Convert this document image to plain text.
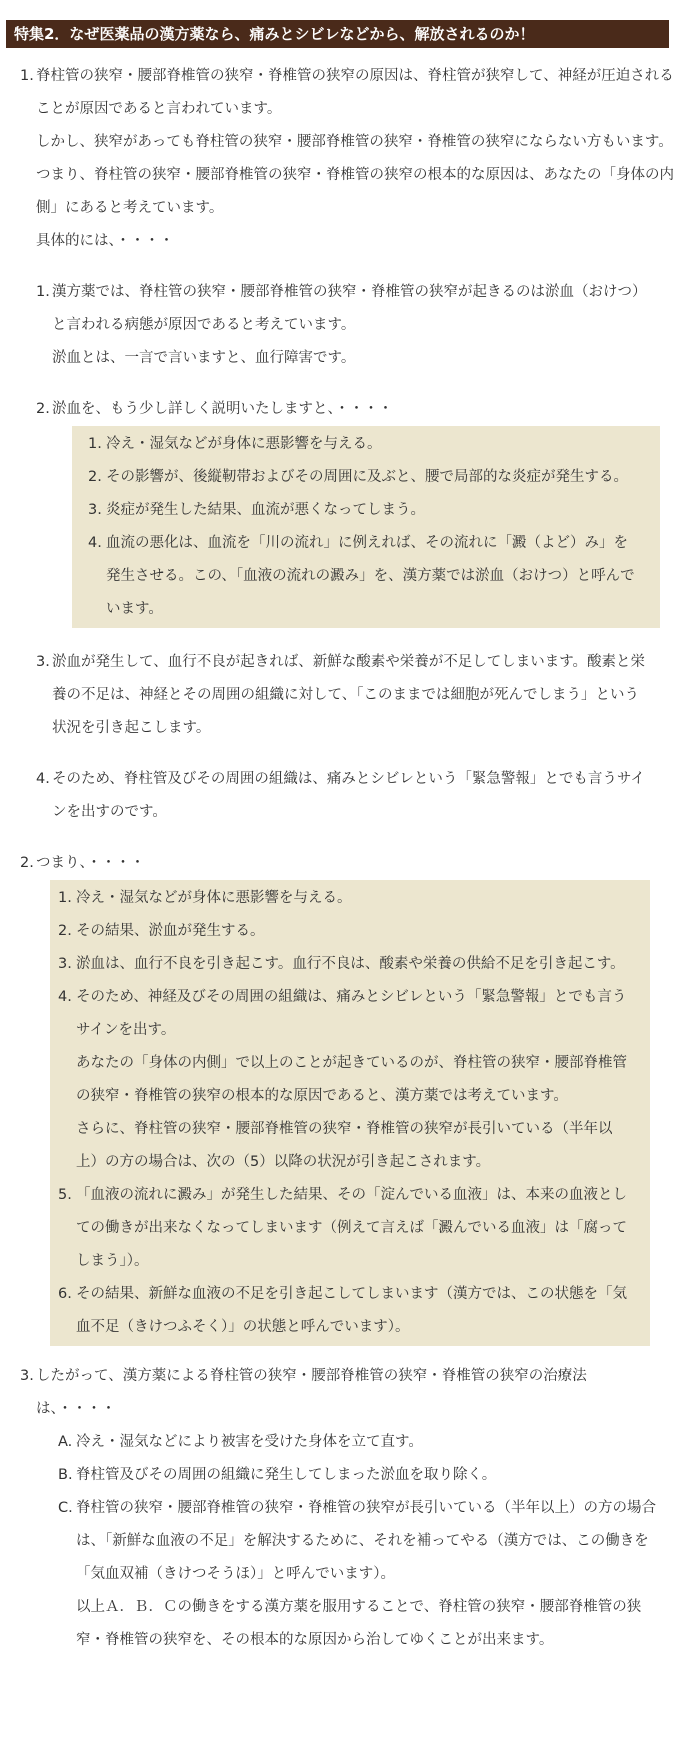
特集2．なぜ医薬品の漢方薬なら、痛みとシビレなどから、解放されるのか！
1. 脊柱管の狭窄・腰部脊椎管の狭窄・脊椎管の狭窄の原因は、脊柱管が狭窄して、神経が圧迫されることが原因であると言われています。

しかし、狭窄があっても脊柱管の狭窄・腰部脊椎管の狭窄・脊椎管の狭窄にならない方もいます。つまり、脊柱管の狭窄・腰部脊椎管の狭窄・脊椎管の狭窄の根本的な原因は、あなたの「身体の内側」にあると考えています。

具体的には、・・・・

1. 漢方薬では、脊柱管の狭窄・腰部脊椎管の狭窄・脊椎管の狭窄が起きるのは淤血（おけつ）と言われる病態が原因であると考えています。

淤血とは、一言で言いますと、血行障害です。

2. 淤血を、もう少し詳しく説明いたしますと、・・・・

1. 冷え・湿気などが身体に悪影響を与える。

2. その影響が、後縦靭帯およびその周囲に及ぶと、腰で局部的な炎症が発生する。

3. 炎症が発生した結果、血流が悪くなってしまう。

4. 血流の悪化は、血流を「川の流れ」に例えれば、その流れに「澱（よど）み」を発生させる。この、「血液の流れの澱み」を、漢方薬では淤血（おけつ）と呼んでいます。

3. 淤血が発生して、血行不良が起きれば、新鮮な酸素や栄養が不足してしまいます。酸素と栄養の不足は、神経とその周囲の組織に対して、「このままでは細胞が死んでしまう」という状況を引き起こします。

4. そのため、脊柱管及びその周囲の組織は、痛みとシビレという「緊急警報」とでも言うサインを出すのです。

2. つまり、・・・・

1. 冷え・湿気などが身体に悪影響を与える。

2. その結果、淤血が発生する。

3. 淤血は、血行不良を引き起こす。血行不良は、酸素や栄養の供給不足を引き起こす。

4. そのため、神経及びその周囲の組織は、痛みとシビレという「緊急警報」とでも言うサインを出す。

あなたの「身体の内側」で以上のことが起きているのが、脊柱管の狭窄・腰部脊椎管の狭窄・脊椎管の狭窄の根本的な原因であると、漢方薬では考えています。

さらに、脊柱管の狭窄・腰部脊椎管の狭窄・脊椎管の狭窄が長引いている（半年以上）の方の場合は、次の（5）以降の状況が引き起こされます。

5. 「血液の流れに澱み」が発生した結果、その「淀んでいる血液」は、本来の血液としての働きが出来なくなってしまいます（例えて言えば「澱んでいる血液」は「腐ってしまう」）。

6. その結果、新鮮な血液の不足を引き起こしてしまいます（漢方では、この状態を「気血不足（きけつふそく）」の状態と呼んでいます）。

3. したがって、漢方薬による脊柱管の狭窄・腰部脊椎管の狭窄・脊椎管の狭窄の治療法は、・・・・

A. 冷え・湿気などにより被害を受けた身体を立て直す。

B. 脊柱管及びその周囲の組織に発生してしまった淤血を取り除く。

C. 脊柱管の狭窄・腰部脊椎管の狭窄・脊椎管の狭窄が長引いている（半年以上）の方の場合は、「新鮮な血液の不足」を解決するために、それを補ってやる（漢方では、この働きを「気血双補（きけつそうほ）」と呼んでいます）。

以上Ａ．Ｂ．Ｃの働きをする漢方薬を服用することで、脊柱管の狭窄・腰部脊椎管の狭窄・脊椎管の狭窄を、その根本的な原因から治してゆくことが出来ます。
